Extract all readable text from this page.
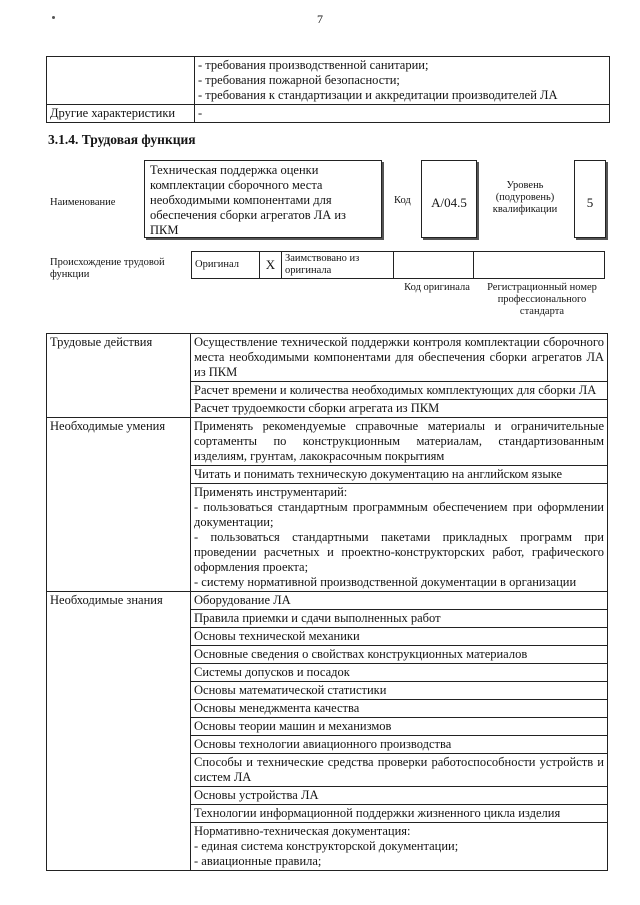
7

	- требования производственной санитарии;
- требования пожарной безопасности;
- требования к стандартизации и аккредитации производителей ЛА

Другие характеристики	-
3.1.4. Трудовая функция
Наименование
Техническая поддержка оценки комплектации сборочного места необходимыми компонентами для обеспечения сборки агрегатов ЛА из ПКМ
Код	А/04.5
Уровень (подуровень) квалификации	5
Происхождение трудовой функции
Оригинал	X	Заимствовано из оригинала		
Код оригинала	Регистрационный номер профессионального стандарта
Трудовые действия	Осуществление технической поддержки контроля комплектации сборочного места необходимыми компонентами для обеспечения сборки агрегатов ЛА из ПКМ
	Расчет времени и количества необходимых комплектующих для сборки ЛА
	Расчет трудоемкости сборки агрегата из ПКМ
Необходимые умения	Применять рекомендуемые справочные материалы и ограничительные сортаменты по конструкционным материалам, стандартизованным изделиям, грунтам, лакокрасочным покрытиям
	Читать и понимать техническую документацию на английском языке
	Применять инструментарий:
- пользоваться стандартным программным обеспечением при оформлении документации;
- пользоваться стандартными пакетами прикладных программ при проведении расчетных и проектно-конструкторских работ, графического оформления проекта;
- систему нормативной производственной документации в организации
Необходимые знания	Оборудование ЛА
	Правила приемки и сдачи выполненных работ
	Основы технической механики
	Основные сведения о свойствах конструкционных материалов
	Системы допусков и посадок
	Основы математической статистики
	Основы менеджмента качества
	Основы теории машин и механизмов
	Основы технологии авиационного производства
	Способы и технические средства проверки работоспособности устройств и систем ЛА
	Основы устройства ЛА
	Технологии информационной поддержки жизненного цикла изделия
	Нормативно-техническая документация:
- единая система конструкторской документации;
- авиационные правила;
